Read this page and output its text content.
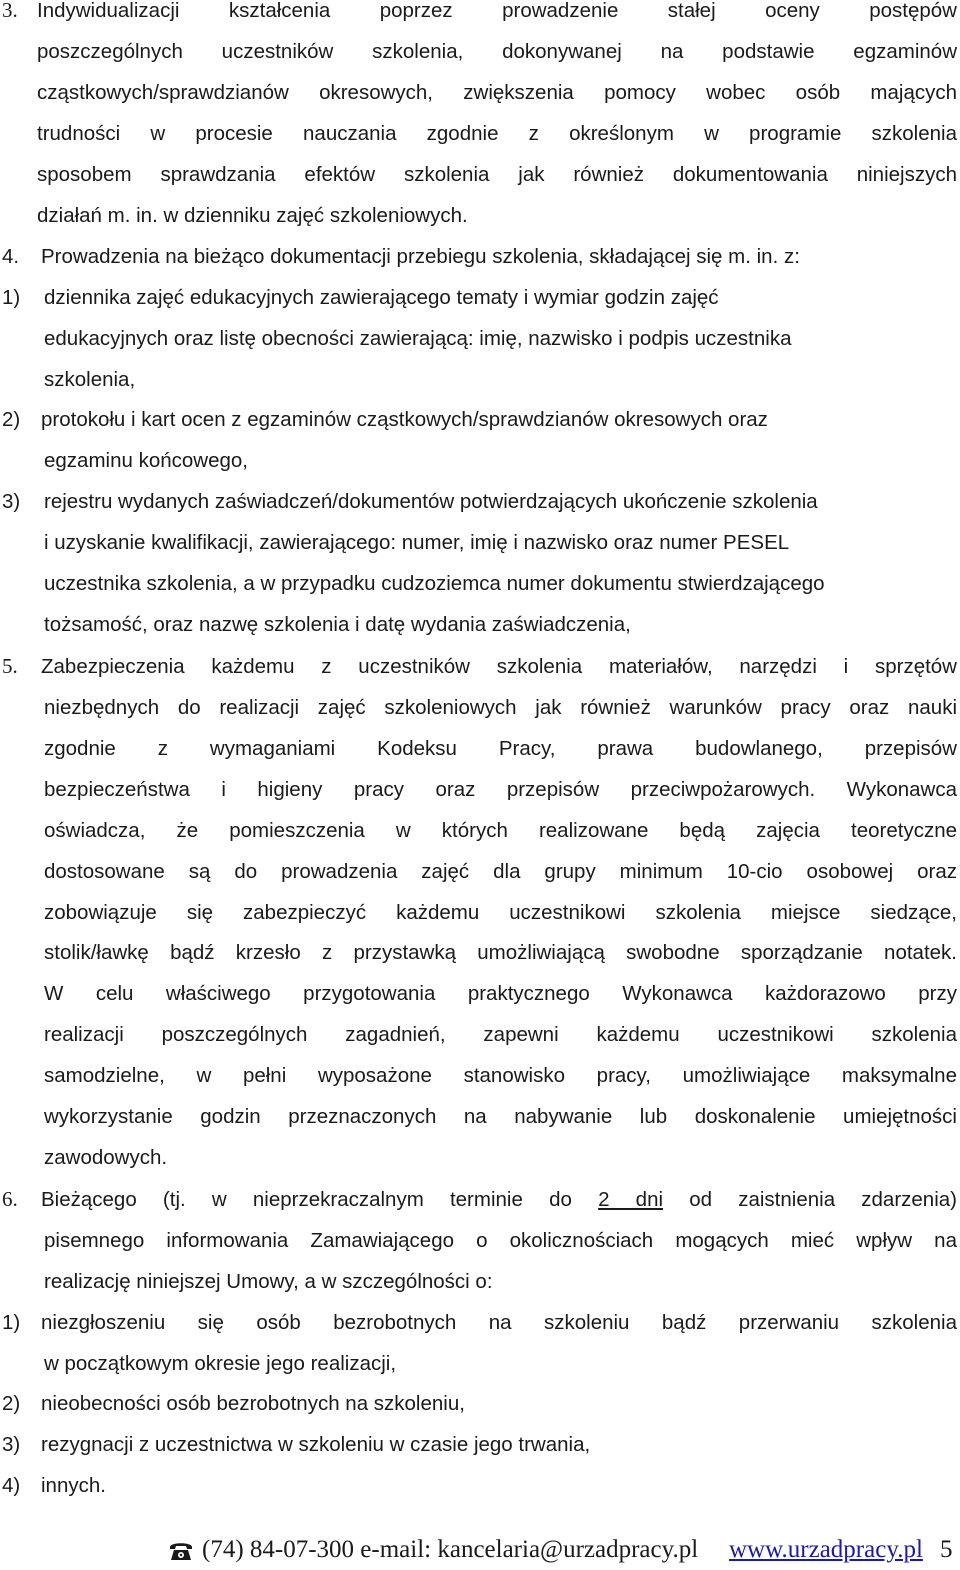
3. Indywidualizacji kształcenia poprzez prowadzenie stałej oceny postępów
poszczególnych uczestników szkolenia, dokonywanej na podstawie egzaminów
cząstkowych/sprawdzianów okresowych, zwiększenia pomocy wobec osób mających
trudności w procesie nauczania zgodnie z określonym w programie szkolenia
sposobem sprawdzania efektów szkolenia jak również dokumentowania niniejszych
działań m. in. w dzienniku zajęć szkoleniowych.
4. Prowadzenia na bieżąco dokumentacji przebiegu szkolenia, składającej się m. in. z:
1) dziennika zajęć edukacyjnych zawierającego tematy i wymiar godzin zajęć
edukacyjnych oraz listę obecności zawierającą: imię, nazwisko i podpis uczestnika
szkolenia,
2) protokołu i kart ocen z egzaminów cząstkowych/sprawdzianów okresowych oraz
egzaminu końcowego,
3) rejestru wydanych zaświadczeń/dokumentów potwierdzających ukończenie szkolenia
i uzyskanie kwalifikacji, zawierającego: numer, imię i nazwisko oraz numer PESEL
uczestnika szkolenia, a w przypadku cudzoziemca numer dokumentu stwierdzającego
tożsamość, oraz nazwę szkolenia i datę wydania zaświadczenia,
5. Zabezpieczenia każdemu z uczestników szkolenia materiałów, narzędzi i sprzętów
niezbędnych do realizacji zajęć szkoleniowych jak również warunków pracy oraz nauki
zgodnie z wymaganiami Kodeksu Pracy, prawa budowlanego, przepisów
bezpieczeństwa i higieny pracy oraz przepisów przeciwpożarowych. Wykonawca
oświadcza, że pomieszczenia w których realizowane będą zajęcia teoretyczne
dostosowane są do prowadzenia zajęć dla grupy minimum 10-cio osobowej oraz
zobowiązuje się zabezpieczyć każdemu uczestnikowi szkolenia miejsce siedzące,
stolik/ławkę bądź krzesło z przystawką umożliwiającą swobodne sporządzanie notatek.
W celu właściwego przygotowania praktycznego Wykonawca każdorazowo przy
realizacji poszczególnych zagadnień, zapewni każdemu uczestnikowi szkolenia
samodzielne, w pełni wyposażone stanowisko pracy, umożliwiające maksymalne
wykorzystanie godzin przeznaczonych na nabywanie lub doskonalenie umiejętności
zawodowych.
6. Bieżącego (tj. w nieprzekraczalnym terminie do 2 dni od zaistnienia zdarzenia)
pisemnego informowania Zamawiającego o okolicznościach mogących mieć wpływ na
realizację niniejszej Umowy, a w szczególności o:
1) niezgłoszeniu się osób bezrobotnych na szkoleniu bądź przerwaniu szkolenia
w początkowym okresie jego realizacji,
2) nieobecności osób bezrobotnych na szkoleniu,
3) rezygnacji z uczestnictwa w szkoleniu w czasie jego trwania,
4) innych.
(74) 84-07-300 e-mail: kancelaria@urzadpracy.pl www.urzadpracy.pl 5
